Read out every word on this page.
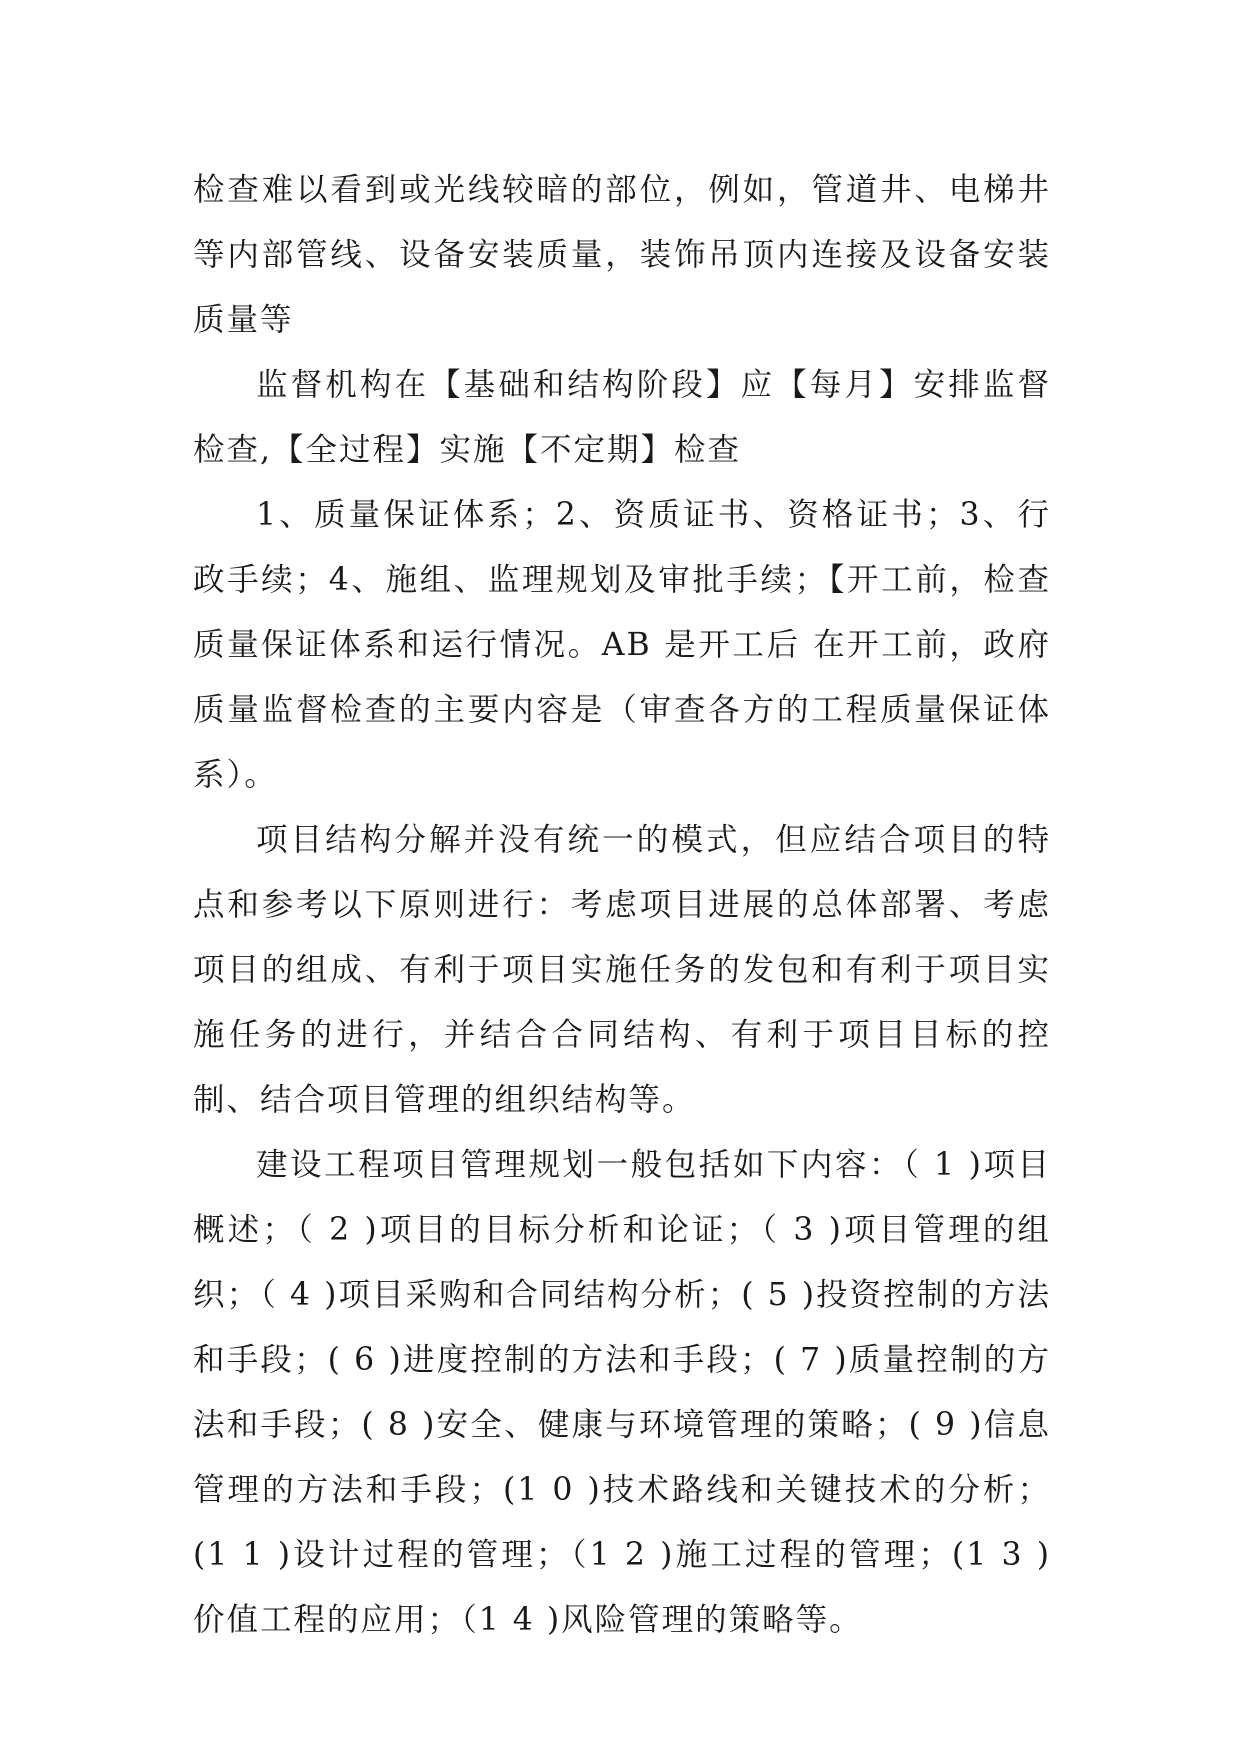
检查难以看到或光线较暗的部位，例如，管道井、电梯井等内部管线、设备安装质量，装饰吊顶内连接及设备安装质量等

监督机构在【基础和结构阶段】应【每月】安排监督检查,【全过程】实施【不定期】检查

1、质量保证体系；2、资质证书、资格证书；3、行政手续；4、施组、监理规划及审批手续；【开工前，检查质量保证体系和运行情况。AB 是开工后 在开工前，政府质量监督检查的主要内容是（审查各方的工程质量保证体系）。

项目结构分解并没有统一的模式，但应结合项目的特点和参考以下原则进行：考虑项目进展的总体部署、考虑项目的组成、有利于项目实施任务的发包和有利于项目实施任务的进行，并结合合同结构、有利于项目目标的控制、结合项目管理的组织结构等。

建设工程项目管理规划一般包括如下内容：（ 1 )项目概述；（ 2 )项目的目标分析和论证；（ 3 )项目管理的组织；（ 4 )项目采购和合同结构分析；( 5 )投资控制的方法和手段；( 6 )进度控制的方法和手段；( 7 )质量控制的方法和手段；( 8 )安全、健康与环境管理的策略；( 9 )信息管理的方法和手段；(1 0 )技术路线和关键技术的分析；(1 1 )设计过程的管理；（1 2 )施工过程的管理；(1 3 )价值工程的应用；（1 4 )风险管理的策略等。
